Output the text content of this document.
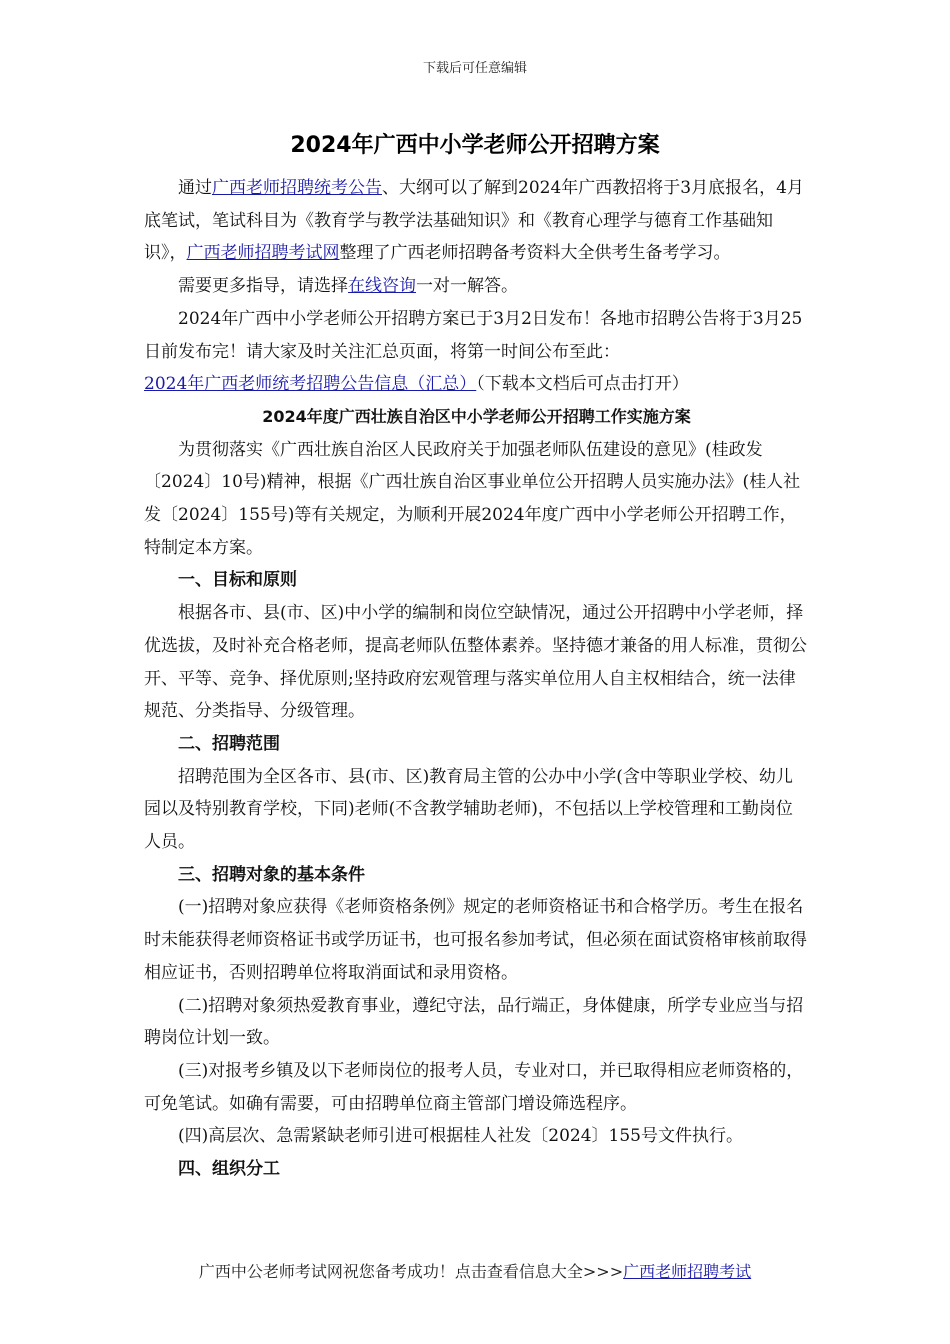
下载后可任意编辑
2024年广西中小学老师公开招聘方案

通过广西老师招聘统考公告、大纲可以了解到2024年广西教招将于3月底报名，4月底笔试，笔试科目为《教育学与教学法基础知识》和《教育心理学与德育工作基础知识》，广西老师招聘考试网整理了广西老师招聘备考资料大全供考生备考学习。

需要更多指导，请选择在线咨询一对一解答。

2024年广西中小学老师公开招聘方案已于3月2日发布！各地市招聘公告将于3月25日前发布完！请大家及时关注汇总页面，将第一时间公布至此：

2024年广西老师统考招聘公告信息（汇总）（下载本文档后可点击打开）

2024年度广西壮族自治区中小学老师公开招聘工作实施方案

为贯彻落实《广西壮族自治区人民政府关于加强老师队伍建设的意见》(桂政发〔2024〕10号)精神，根据《广西壮族自治区事业单位公开招聘人员实施办法》(桂人社发〔2024〕155号)等有关规定，为顺利开展2024年度广西中小学老师公开招聘工作，特制定本方案。

一、目标和原则

根据各市、县(市、区)中小学的编制和岗位空缺情况，通过公开招聘中小学老师，择优选拔，及时补充合格老师，提高老师队伍整体素养。坚持德才兼备的用人标准，贯彻公开、平等、竞争、择优原则;坚持政府宏观管理与落实单位用人自主权相结合，统一法律规范、分类指导、分级管理。

二、招聘范围

招聘范围为全区各市、县(市、区)教育局主管的公办中小学(含中等职业学校、幼儿园以及特别教育学校，下同)老师(不含教学辅助老师)，不包括以上学校管理和工勤岗位人员。

三、招聘对象的基本条件

(一)招聘对象应获得《老师资格条例》规定的老师资格证书和合格学历。考生在报名时未能获得老师资格证书或学历证书，也可报名参加考试，但必须在面试资格审核前取得相应证书，否则招聘单位将取消面试和录用资格。

(二)招聘对象须热爱教育事业，遵纪守法，品行端正，身体健康，所学专业应当与招聘岗位计划一致。

(三)对报考乡镇及以下老师岗位的报考人员，专业对口，并已取得相应老师资格的，可免笔试。如确有需要，可由招聘单位商主管部门增设筛选程序。

(四)高层次、急需紧缺老师引进可根据桂人社发〔2024〕155号文件执行。

四、组织分工

广西中公老师考试网祝您备考成功！点击查看信息大全>>>广西老师招聘考试
